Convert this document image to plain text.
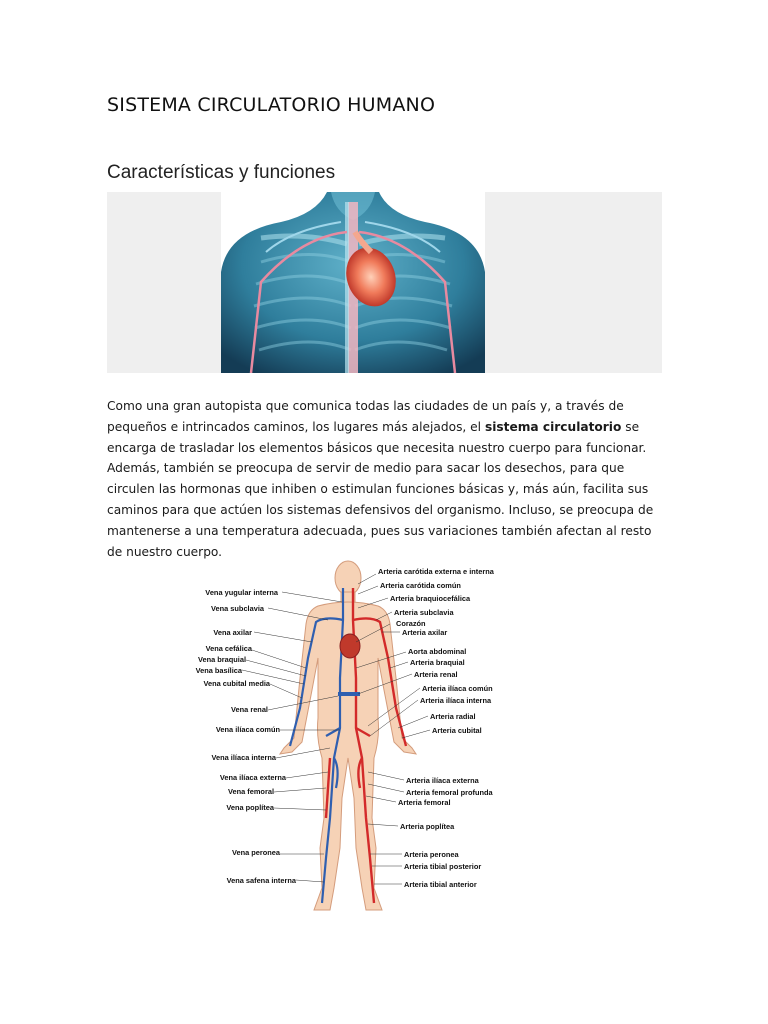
SISTEMA CIRCULATORIO HUMANO
Características y funciones

Como una gran autopista que comunica todas las ciudades de un país y, a través de pequeños e intrincados caminos, los lugares más alejados, el sistema circulatorio se encarga de trasladar los elementos básicos que necesita nuestro cuerpo para funcionar.

Además, también se preocupa de servir de medio para sacar los desechos, para que circulen las hormonas que inhiben o estimulan funciones básicas y, más aún, facilita sus caminos para que actúen los sistemas defensivos del organismo. Incluso, se preocupa de mantenerse a una temperatura adecuada, pues sus variaciones también afectan al resto de nuestro cuerpo.

Vena yugular interna
Vena subclavia
Vena axilar
Vena cefálica
Vena braquial
Vena basílica
Vena cubital media
Vena renal
Vena ilíaca común
Vena ilíaca interna
Vena ilíaca externa
Vena femoral
Vena poplítea
Vena peronea
Vena safena interna
Arteria carótida externa e interna
Arteria carótida común
Arteria braquiocefálica
Arteria subclavia
Corazón
Arteria axilar
Aorta abdominal
Arteria braquial
Arteria renal
Arteria ilíaca común
Arteria ilíaca interna
Arteria radial
Arteria cubital
Arteria ilíaca externa
Arteria femoral profunda
Arteria femoral
Arteria poplítea
Arteria peronea
Arteria tibial posterior
Arteria tibial anterior
